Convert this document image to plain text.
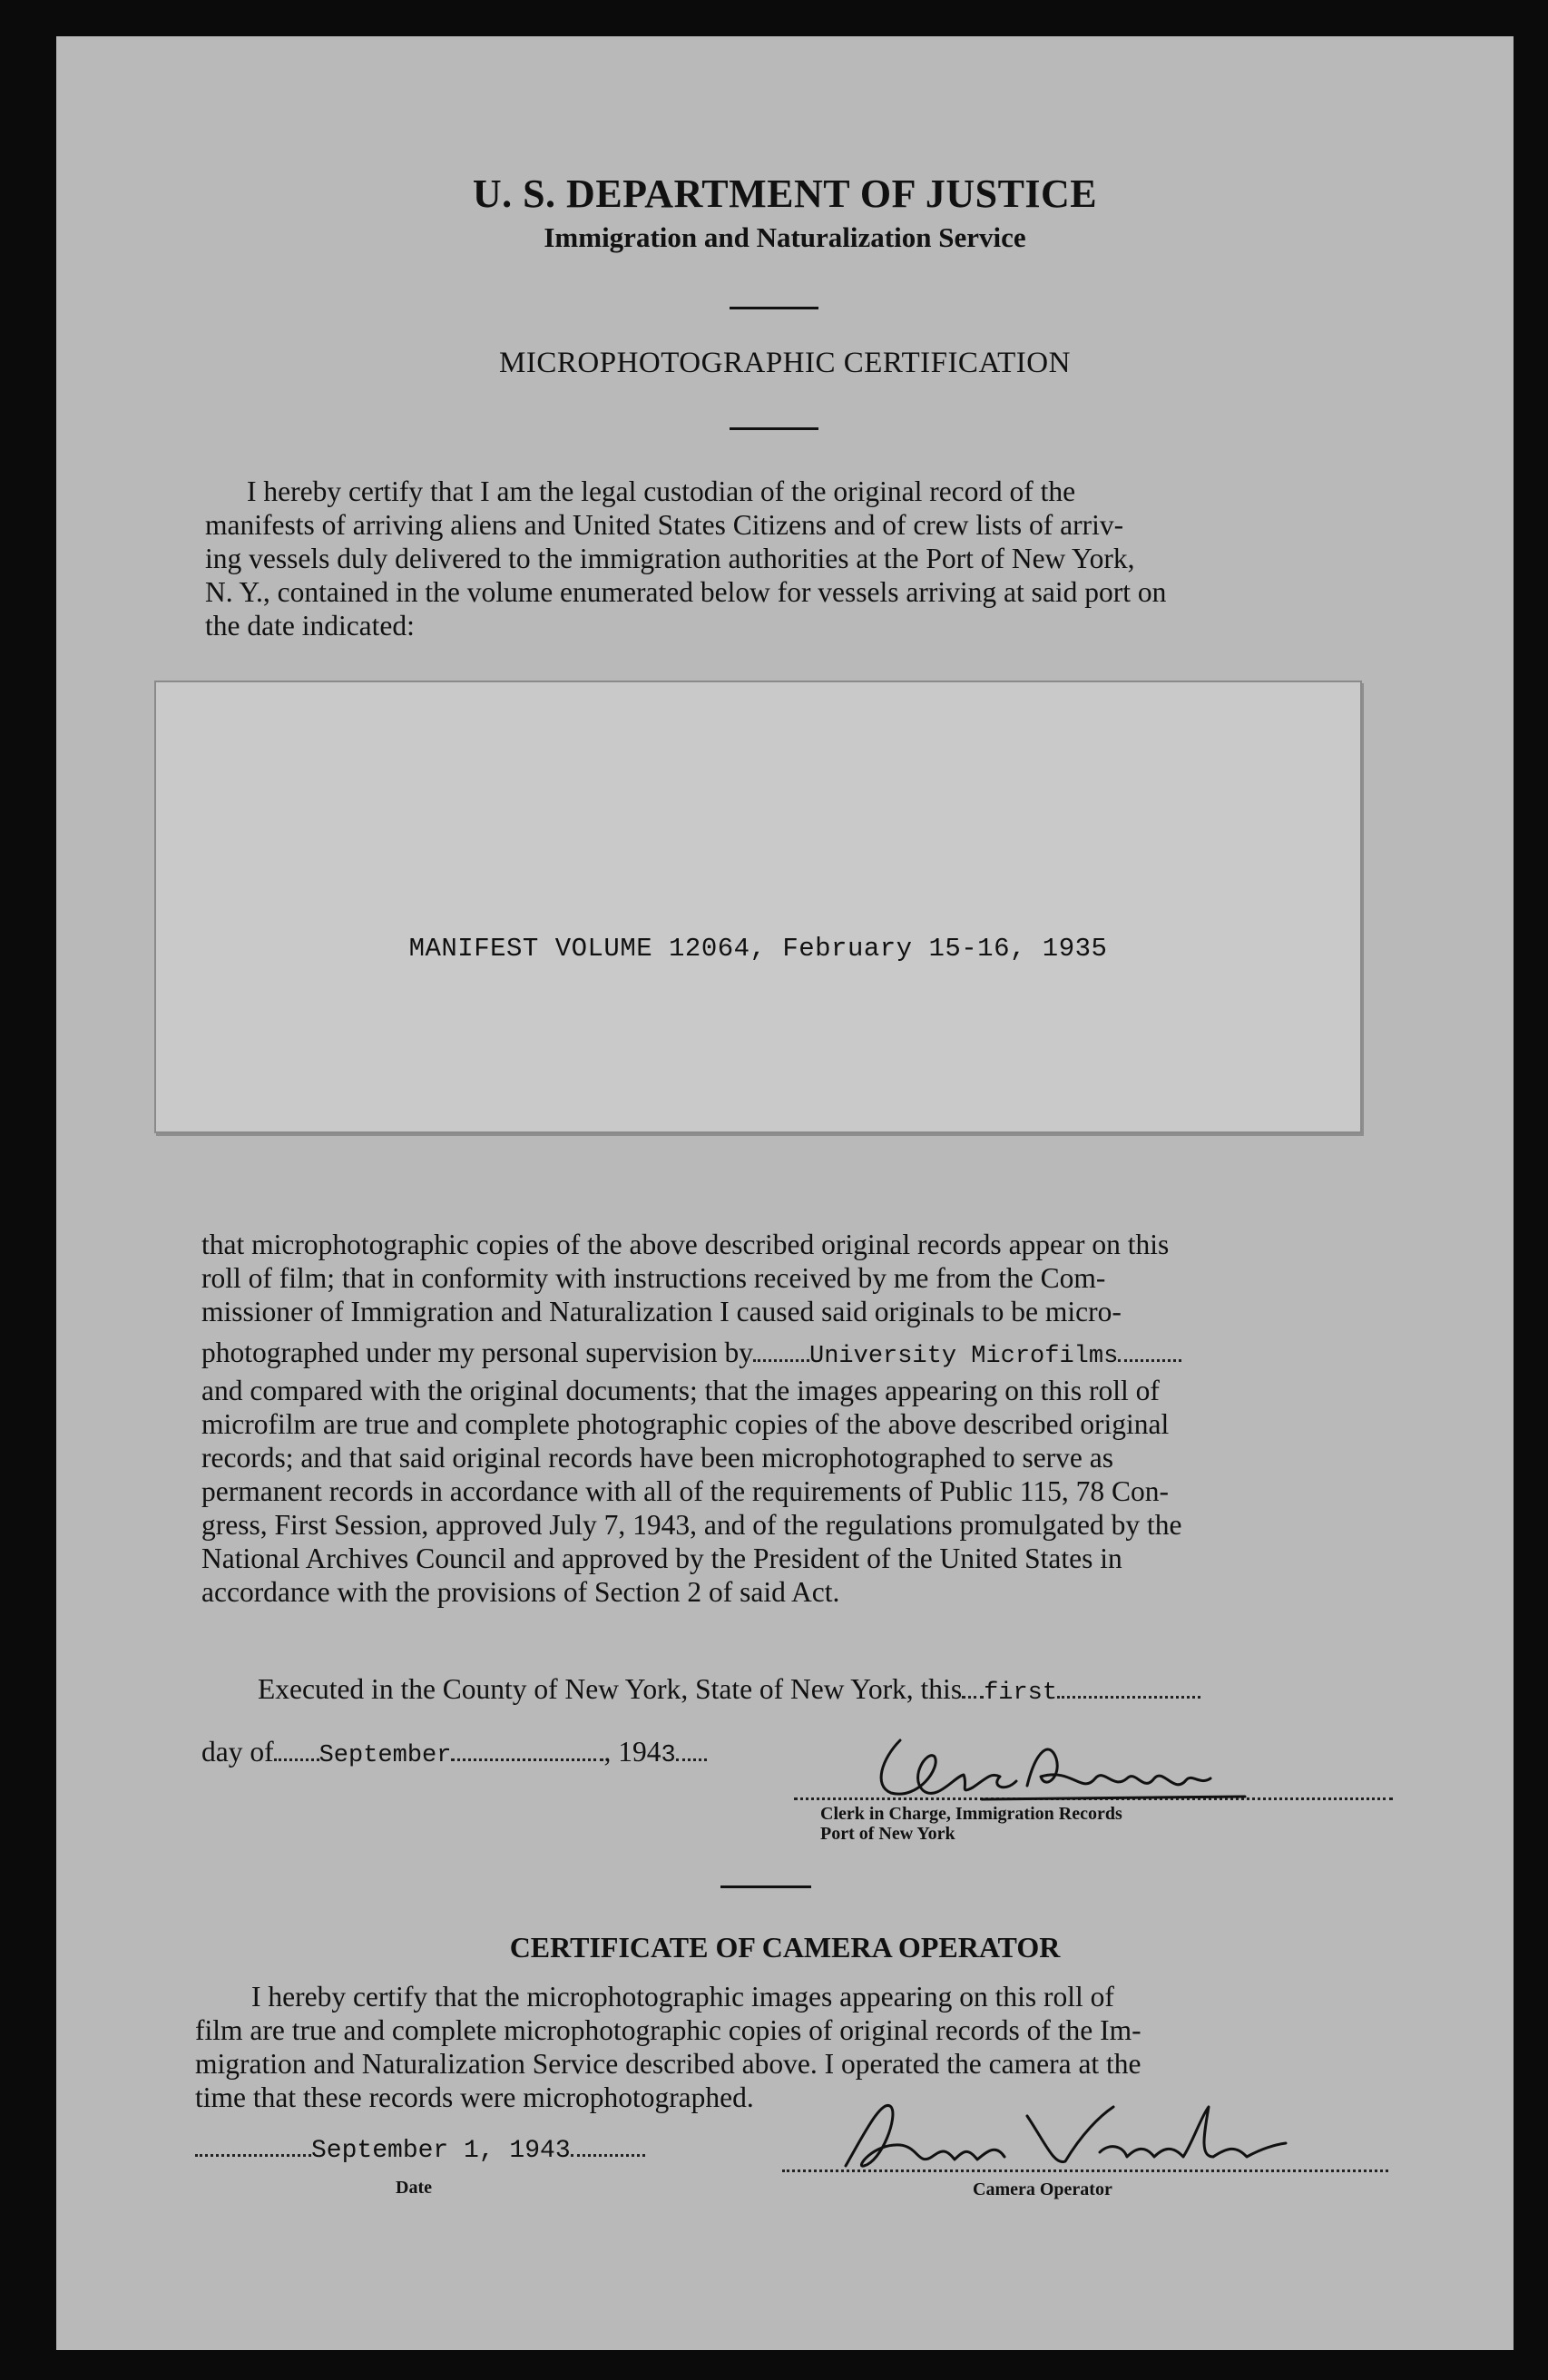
U. S. DEPARTMENT OF JUSTICE
Immigration and Naturalization Service
MICROPHOTOGRAPHIC CERTIFICATION
I hereby certify that I am the legal custodian of the original record of the
manifests of arriving aliens and United States Citizens and of crew lists of arriv-
ing vessels duly delivered to the immigration authorities at the Port of New York,
N. Y., contained in the volume enumerated below for vessels arriving at said port on
the date indicated:
MANIFEST VOLUME 12064, February 15-16, 1935
that microphotographic copies of the above described original records appear on this
roll of film; that in conformity with instructions received by me from the Com-
missioner of Immigration and Naturalization I caused said originals to be micro-
photographed under my personal supervision by University Microfilms
and compared with the original documents; that the images appearing on this roll of
microfilm are true and complete photographic copies of the above described original
records; and that said original records have been microphotographed to serve as
permanent records in accordance with all of the requirements of Public 115, 78 Con-
gress, First Session, approved July 7, 1943, and of the regulations promulgated by the
National Archives Council and approved by the President of the United States in
accordance with the provisions of Section 2 of said Act.
Executed in the County of New York, State of New York, this first
day of September	, 1943
Clerk in Charge, Immigration Records
Port of New York
CERTIFICATE OF CAMERA OPERATOR
I hereby certify that the microphotographic images appearing on this roll of
film are true and complete microphotographic copies of original records of the Im-
migration and Naturalization Service described above. I operated the camera at the
time that these records were microphotographed.
September 1, 1943
Date	Camera Operator
